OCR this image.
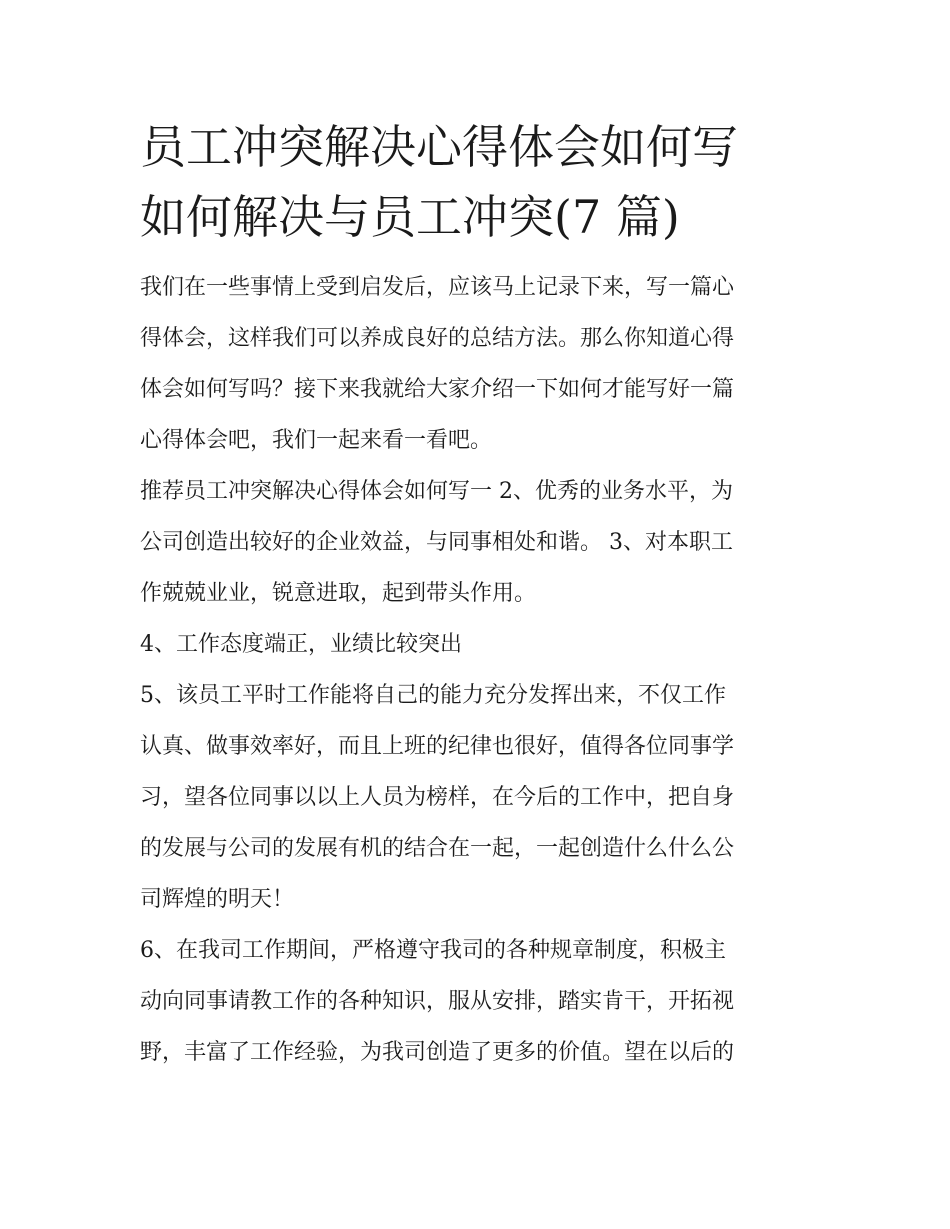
员工冲突解决心得体会如何写
如何解决与员工冲突(7 篇)

我们在一些事情上受到启发后，应该马上记录下来，写一篇心
得体会，这样我们可以养成良好的总结方法。那么你知道心得
体会如何写吗？接下来我就给大家介绍一下如何才能写好一篇
心得体会吧，我们一起来看一看吧。

推荐员工冲突解决心得体会如何写一 2、优秀的业务水平，为
公司创造出较好的企业效益，与同事相处和谐。 3、对本职工
作兢兢业业，锐意进取，起到带头作用。

4、工作态度端正，业绩比较突出

5、该员工平时工作能将自己的能力充分发挥出来，不仅工作
认真、做事效率好，而且上班的纪律也很好，值得各位同事学
习，望各位同事以以上人员为榜样，在今后的工作中，把自身
的发展与公司的发展有机的结合在一起，一起创造什么什么公
司辉煌的明天！

6、在我司工作期间，严格遵守我司的各种规章制度，积极主
动向同事请教工作的各种知识，服从安排，踏实肯干，开拓视
野，丰富了工作经验，为我司创造了更多的价值。望在以后的
